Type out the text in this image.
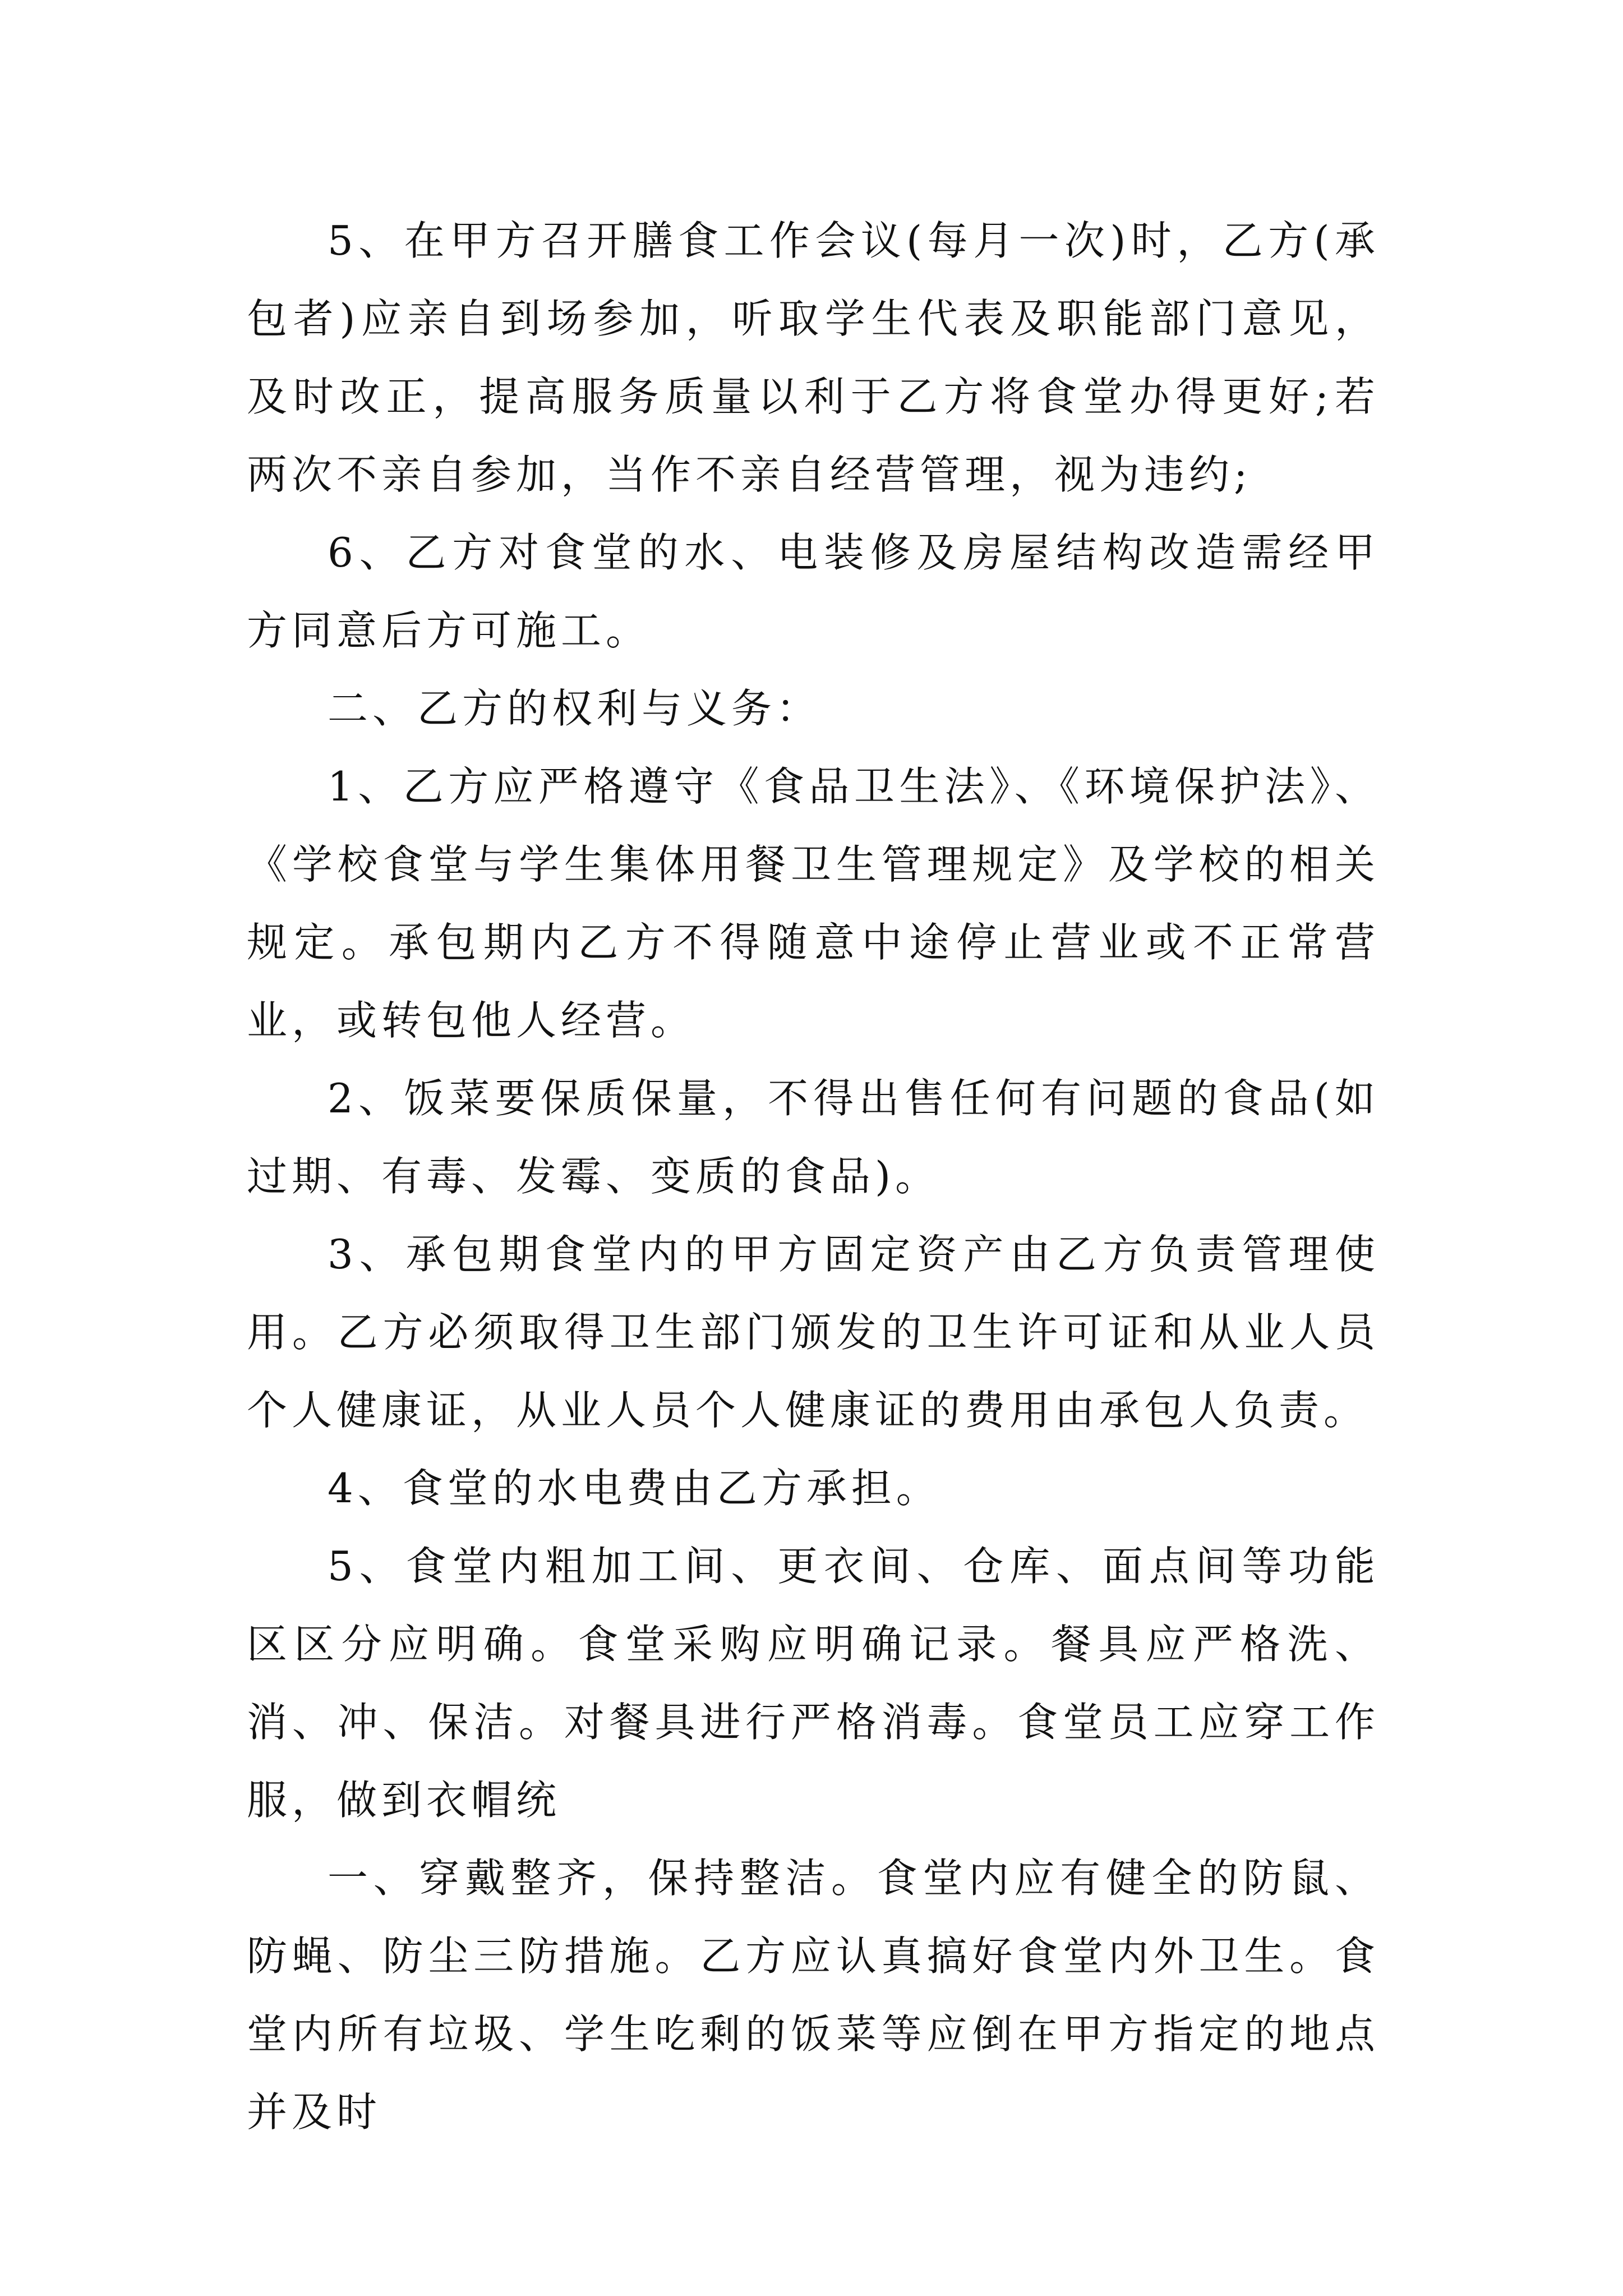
5、在甲方召开膳食工作会议(每月一次)时，乙方(承包者)应亲自到场参加，听取学生代表及职能部门意见，及时改正，提高服务质量以利于乙方将食堂办得更好;若两次不亲自参加，当作不亲自经营管理，视为违约;

6、乙方对食堂的水、电装修及房屋结构改造需经甲方同意后方可施工。

二、乙方的权利与义务：

1、乙方应严格遵守《食品卫生法》、《环境保护法》、《学校食堂与学生集体用餐卫生管理规定》及学校的相关规定。承包期内乙方不得随意中途停止营业或不正常营业，或转包他人经营。

2、饭菜要保质保量，不得出售任何有问题的食品(如过期、有毒、发霉、变质的食品)。

3、承包期食堂内的甲方固定资产由乙方负责管理使用。乙方必须取得卫生部门颁发的卫生许可证和从业人员个人健康证，从业人员个人健康证的费用由承包人负责。

4、食堂的水电费由乙方承担。

5、食堂内粗加工间、更衣间、仓库、面点间等功能区区分应明确。食堂采购应明确记录。餐具应严格洗、消、冲、保洁。对餐具进行严格消毒。食堂员工应穿工作服，做到衣帽统

一、穿戴整齐，保持整洁。食堂内应有健全的防鼠、防蝇、防尘三防措施。乙方应认真搞好食堂内外卫生。食堂内所有垃圾、学生吃剩的饭菜等应倒在甲方指定的地点并及时
